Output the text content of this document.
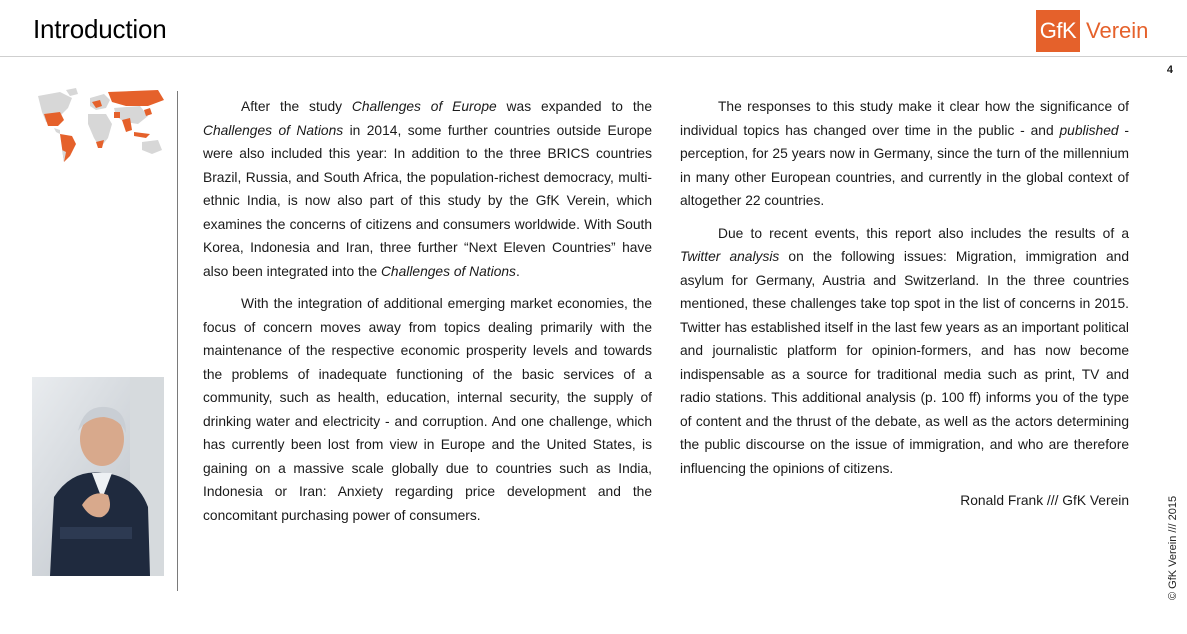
Introduction	GfK Verein
4

After the study Challenges of Europe was expanded to the Challenges of Nations in 2014, some further countries outside Europe were also included this year: In addition to the three BRICS countries Brazil, Russia, and South Africa, the population-richest democracy, multi-ethnic India, is now also part of this study by the GfK Verein, which examines the concerns of citizens and consumers worldwide. With South Korea, Indonesia and Iran, three further “Next Eleven Countries” have also been integrated into the Challenges of Nations.

With the integration of additional emerging market economies, the focus of concern moves away from topics dealing primarily with the maintenance of the respective economic prosperity levels and towards the problems of inadequate functioning of the basic services of a community, such as health, education, internal security, the supply of drinking water and electricity - and corruption. And one challenge, which has currently been lost from view in Europe and the United States, is gaining on a massive scale globally due to countries such as India, Indonesia or Iran: Anxiety regarding price development and the concomitant purchasing power of consumers.

The responses to this study make it clear how the significance of individual topics has changed over time in the public - and published - perception, for 25 years now in Germany, since the turn of the millennium in many other European countries, and currently in the global context of altogether 22 countries.

Due to recent events, this report also includes the results of a Twitter analysis on the following issues: Migration, immigration and asylum for Germany, Austria and Switzerland. In the three countries mentioned, these challenges take top spot in the list of concerns in 2015. Twitter has established itself in the last few years as an important political and journalistic platform for opinion-formers, and has now become indispensable as a source for traditional media such as print, TV and radio stations. This additional analysis (p. 100 ff) informs you of the type of content and the thrust of the debate, as well as the actors determining the public discourse on the issue of immigration, and who are therefore influencing the opinions of citizens.

Ronald Frank /// GfK Verein	© GfK Verein /// 2015
